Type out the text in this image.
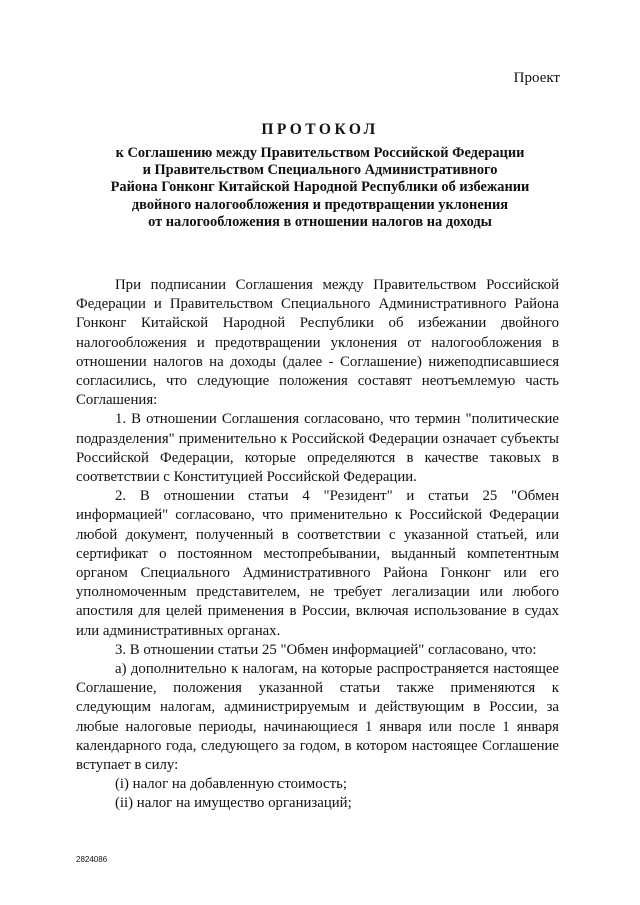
Проект
ПРОТОКОЛ
к Соглашению между Правительством Российской Федерации
и Правительством Специального Административного
Района Гонконг Китайской Народной Республики об избежании
двойного налогообложения и предотвращении уклонения
от налогообложения в отношении налогов на доходы

При подписании Соглашения между Правительством Российской Федерации и Правительством Специального Административного Района Гонконг Китайской Народной Республики об избежании двойного налогообложения и предотвращении уклонения от налогообложения в отношении налогов на доходы (далее - Соглашение) нижеподписавшиеся согласились, что следующие положения составят неотъемлемую часть Соглашения:

1. В отношении Соглашения согласовано, что термин "политические подразделения" применительно к Российской Федерации означает субъекты Российской Федерации, которые определяются в качестве таковых в соответствии с Конституцией Российской Федерации.

2. В отношении статьи 4 "Резидент" и статьи 25 "Обмен информацией" согласовано, что применительно к Российской Федерации любой документ, полученный в соответствии с указанной статьей, или сертификат о постоянном местопребывании, выданный компетентным органом Специального Административного Района Гонконг или его уполномоченным представителем, не требует легализации или любого апостиля для целей применения в России, включая использование в судах или административных органах.

3. В отношении статьи 25 "Обмен информацией" согласовано, что:

а) дополнительно к налогам, на которые распространяется настоящее Соглашение, положения указанной статьи также применяются к следующим налогам, администрируемым и действующим в России, за любые налоговые периоды, начинающиеся 1 января или после 1 января календарного года, следующего за годом, в котором настоящее Соглашение вступает в силу:

(i) налог на добавленную стоимость;

(ii) налог на имущество организаций;

2824086
